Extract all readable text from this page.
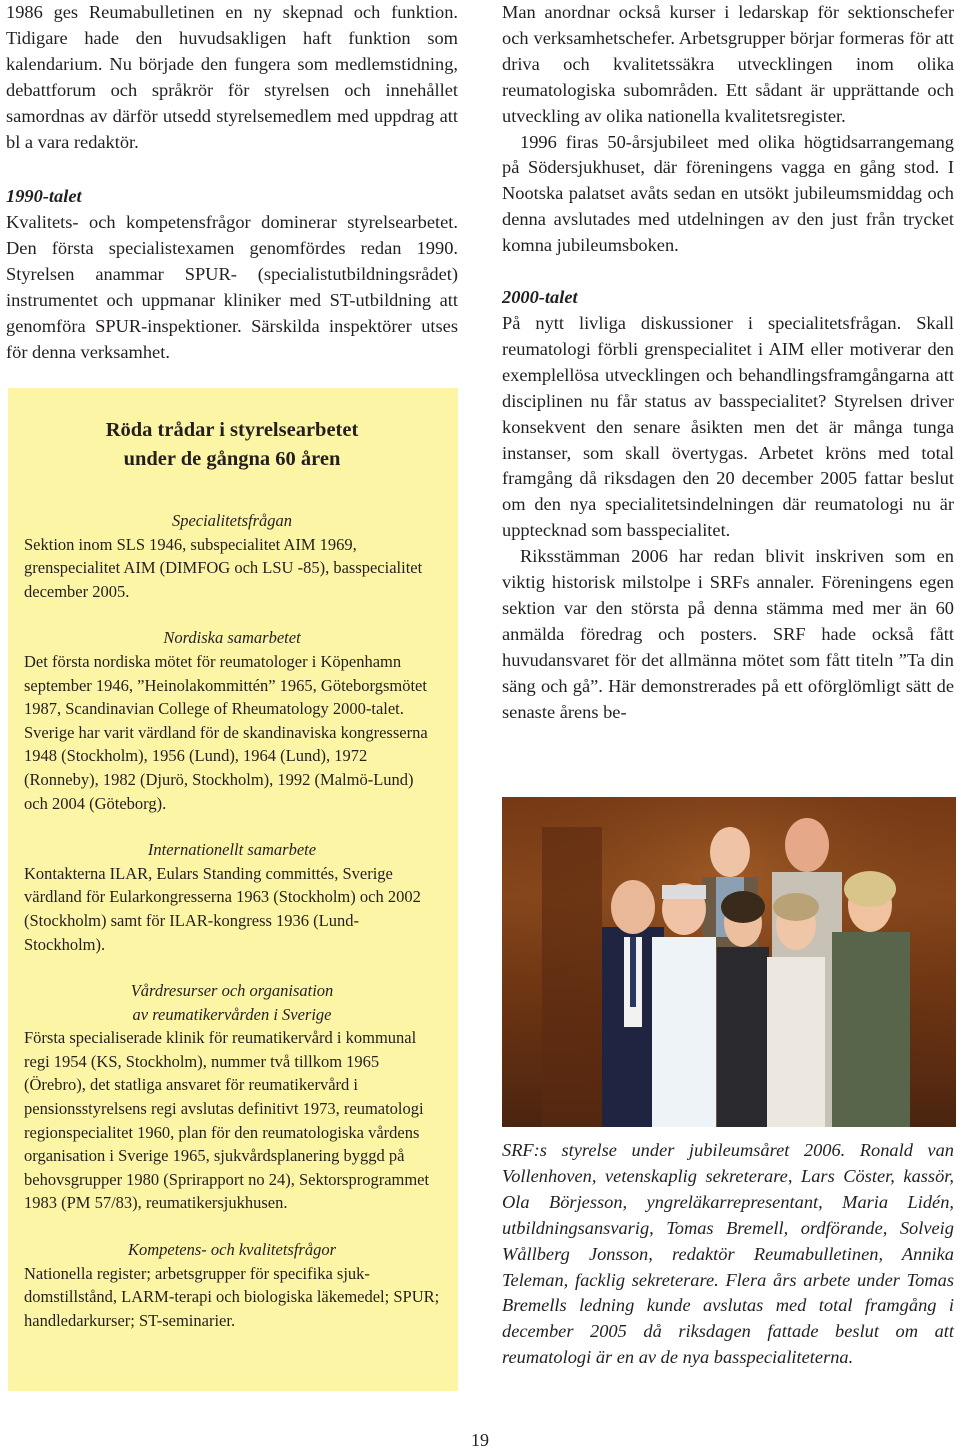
1986 ges Reumabulletinen en ny skepnad och funktion. Tidigare hade den huvudsakligen haft funktion som kalendarium. Nu började den fungera som medlemstidning, debattforum och språkrör för styrelsen och innehållet samordnas av därför utsedd styrelsemedlem med uppdrag att bl a vara redaktör.

1990-talet

Kvalitets- och kompetensfrågor dominerar styrelsearbetet. Den första specialistexamen genomfördes redan 1990. Styrelsen anammar SPUR- (specialistutbildningsrådet) instrumentet och uppmanar kliniker med ST-utbildning att genomföra SPUR-inspektioner. Särskilda inspektörer utses för denna verksamhet.

Röda trådar i styrelsearbetet
under de gångna 60 åren
Specialitetsfrågan

Sektion inom SLS 1946, subspecialitet AIM 1969, grenspecialitet AIM (DIMFOG och LSU -85), basspecialitet december 2005.

Nordiska samarbetet

Det första nordiska mötet för reumatologer i Köpenhamn september 1946, ”Heinolakommittén” 1965, Göteborgsmötet 1987, Scandinavian College of Rheumatology 2000-talet. Sverige har varit värdland för de skandinaviska kongresserna 1948 (Stockholm), 1956 (Lund), 1964 (Lund), 1972 (Ronneby), 1982 (Djurö, Stockholm), 1992 (Malmö-Lund) och 2004 (Göteborg).

Internationellt samarbete

Kontakterna ILAR, Eulars Standing committés, Sverige värdland för Eularkongresserna 1963 (Stockholm) och 2002 (Stockholm) samt för ILAR-kongress 1936 (Lund-Stockholm).

Vårdresurser och organisation
av reumatikervården i Sverige

Första specialiserade klinik för reumatikervård i kommunal regi 1954 (KS, Stockholm), nummer två tillkom 1965 (Örebro), det statliga ansvaret för reumatikervård i pensionsstyrelsens regi avslutas definitivt 1973, reumatologi regionspecialitet 1960, plan för den reumatologiska vårdens organisation i Sverige 1965, sjukvårdsplanering byggd på behovsgrupper 1980 (Sprirapport no 24), Sektorsprogrammet 1983 (PM 57/83), reumatikersjukhusen.

Kompetens- och kvalitetsfrågor

Nationella register; arbetsgrupper för specifika sjukdomstillstånd, LARM-terapi och biologiska läkemedel; SPUR; handledarkurser; ST-seminarier.

Man anordnar också kurser i ledarskap för sektionschefer och verksamhetschefer. Arbetsgrupper börjar formeras för att driva och kvalitetssäkra utvecklingen inom olika reumatologiska subområden. Ett sådant är upprättande och utveckling av olika nationella kvalitetsregister.

1996 firas 50-årsjubileet med olika högtidsarrangemang på Södersjukhuset, där föreningens vagga en gång stod. I Nootska palatset avåts sedan en utsökt jubileumsmiddag och denna avslutades med utdelningen av den just från trycket komna jubileumsboken.

2000-talet

På nytt livliga diskussioner i specialitetsfrågan. Skall reumatologi förbli grenspecialitet i AIM eller motiverar den exemplellösa utvecklingen och behandlingsframgångarna att disciplinen nu får status av basspecialitet? Styrelsen driver konsekvent den senare åsikten men det är många tunga instanser, som skall övertygas. Arbetet kröns med total framgång då riksdagen den 20 december 2005 fattar beslut om den nya specialitetsindelningen där reumatologi nu är upptecknad som basspecialitet.

Riksstämman 2006 har redan blivit inskriven som en viktig historisk milstolpe i SRFs annaler. Föreningens egen sektion var den största på denna stämma med mer än 60 anmälda föredrag och posters. SRF hade också fått huvudansvaret för det allmänna mötet som fått titeln ”Ta din säng och gå”. Här demonstrerades på ett oförglömligt sätt de senaste årens be-

SRF:s styrelse under jubileumsåret 2006. Ronald van Vollenhoven, vetenskaplig sekreterare, Lars Cöster, kassör, Ola Börjesson, yngreläkarrepresentant, Maria Lidén, utbildningsansvarig, Tomas Bremell, ordförande, Solveig Wållberg Jonsson, redaktör Reumabulletinen, Annika Teleman, facklig sekreterare. Flera års arbete under Tomas Bremells ledning kunde avslutas med total framgång i december 2005 då riksdagen fattade beslut om att reumatologi är en av de nya basspecialiteterna.

19
